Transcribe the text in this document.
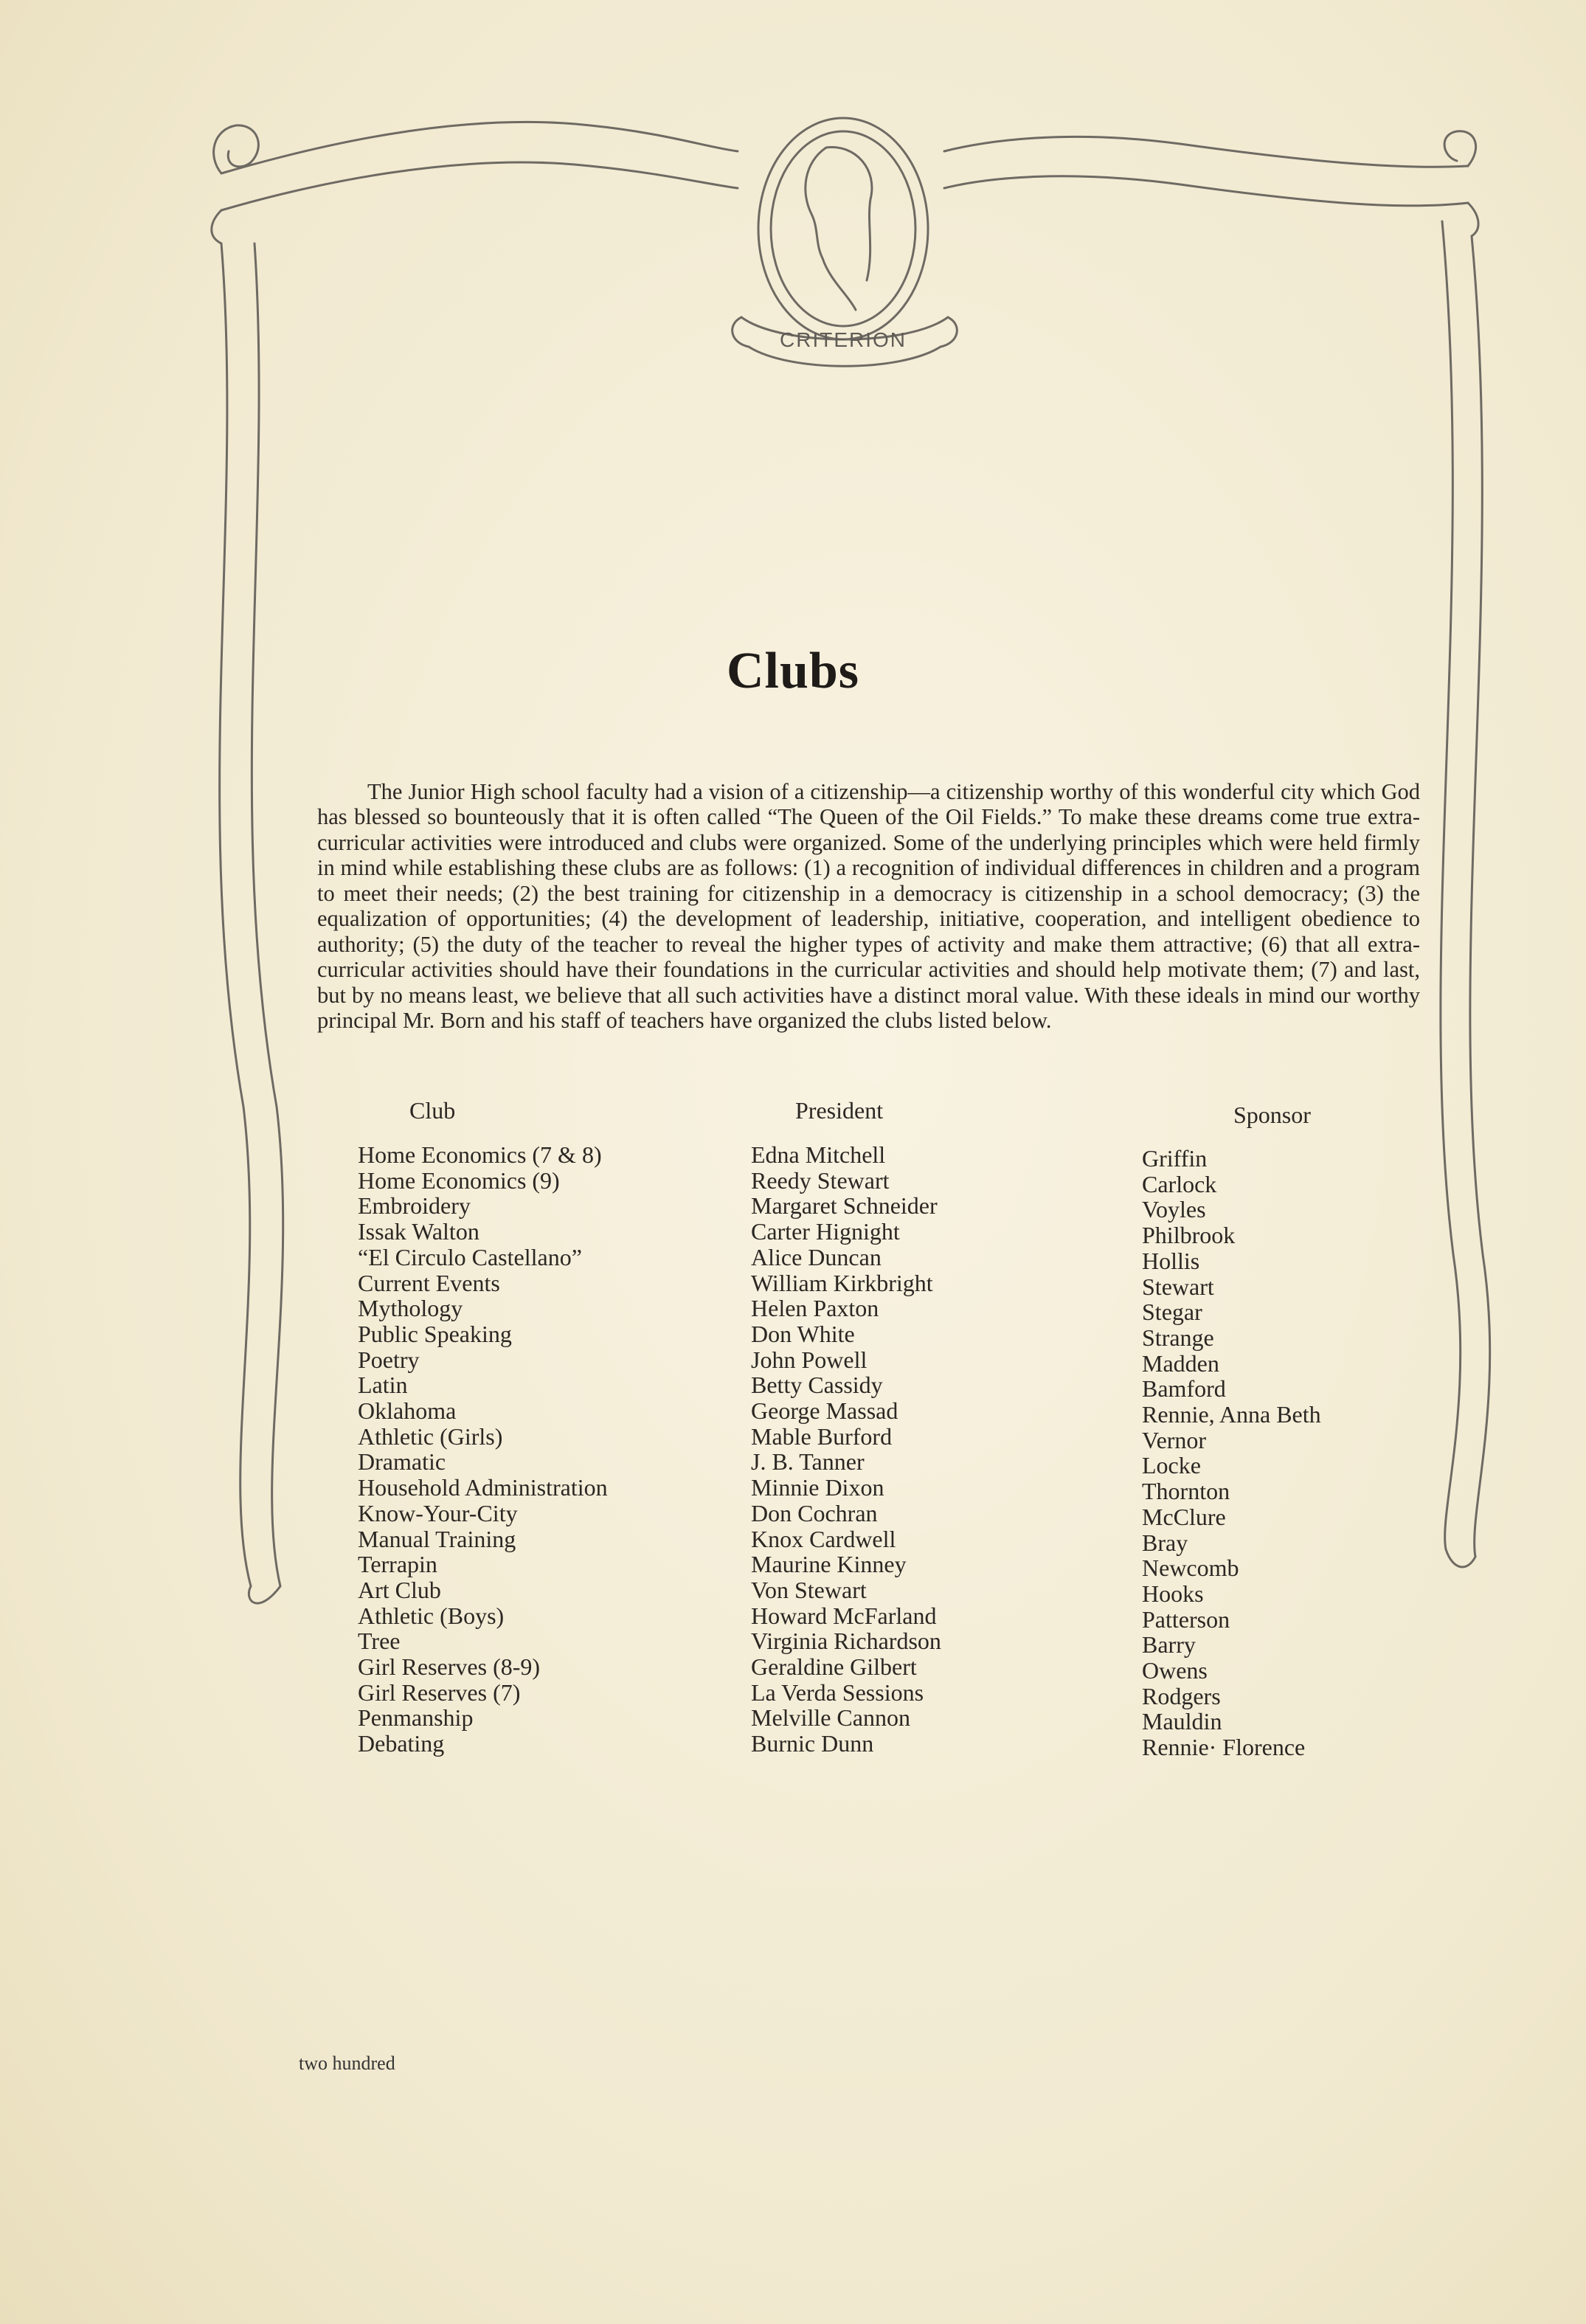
CRITERION
Clubs

The Junior High school faculty had a vision of a citizenship—a citizenship worthy of this wonderful city which God has blessed so bounteously that it is often called “The Queen of the Oil Fields.” To make these dreams come true extra-curricular activities were introduced and clubs were organized. Some of the underlying principles which were held firmly in mind while establishing these clubs are as follows: (1) a recognition of individual differences in children and a program to meet their needs; (2) the best training for citizenship in a democracy is citizenship in a school democracy; (3) the equalization of opportunities; (4) the development of leadership, initiative, cooperation, and intelligent obedience to authority; (5) the duty of the teacher to reveal the higher types of activity and make them attractive; (6) that all extra-curricular activities should have their foundations in the curricular activities and should help motivate them; (7) and last, but by no means least, we believe that all such activities have a distinct moral value. With these ideals in mind our worthy principal Mr. Born and his staff of teachers have organized the clubs listed below.

Club	President	Sponsor
Home Economics (7 & 8)
Home Economics (9)
Embroidery
Issak Walton
“El Circulo Castellano”
Current Events
Mythology
Public Speaking
Poetry
Latin
Oklahoma
Athletic (Girls)
Dramatic
Household Administration
Know-Your-City
Manual Training
Terrapin
Art Club
Athletic (Boys)
Tree
Girl Reserves (8-9)
Girl Reserves (7)
Penmanship
Debating
Edna Mitchell
Reedy Stewart
Margaret Schneider
Carter Hignight
Alice Duncan
William Kirkbright
Helen Paxton
Don White
John Powell
Betty Cassidy
George Massad
Mable Burford
J. B. Tanner
Minnie Dixon
Don Cochran
Knox Cardwell
Maurine Kinney
Von Stewart
Howard McFarland
Virginia Richardson
Geraldine Gilbert
La Verda Sessions
Melville Cannon
Burnic Dunn
Griffin
Carlock
Voyles
Philbrook
Hollis
Stewart
Stegar
Strange
Madden
Bamford
Rennie, Anna Beth
Vernor
Locke
Thornton
McClure
Bray
Newcomb
Hooks
Patterson
Barry
Owens
Rodgers
Mauldin
Rennie· Florence
two hundred
